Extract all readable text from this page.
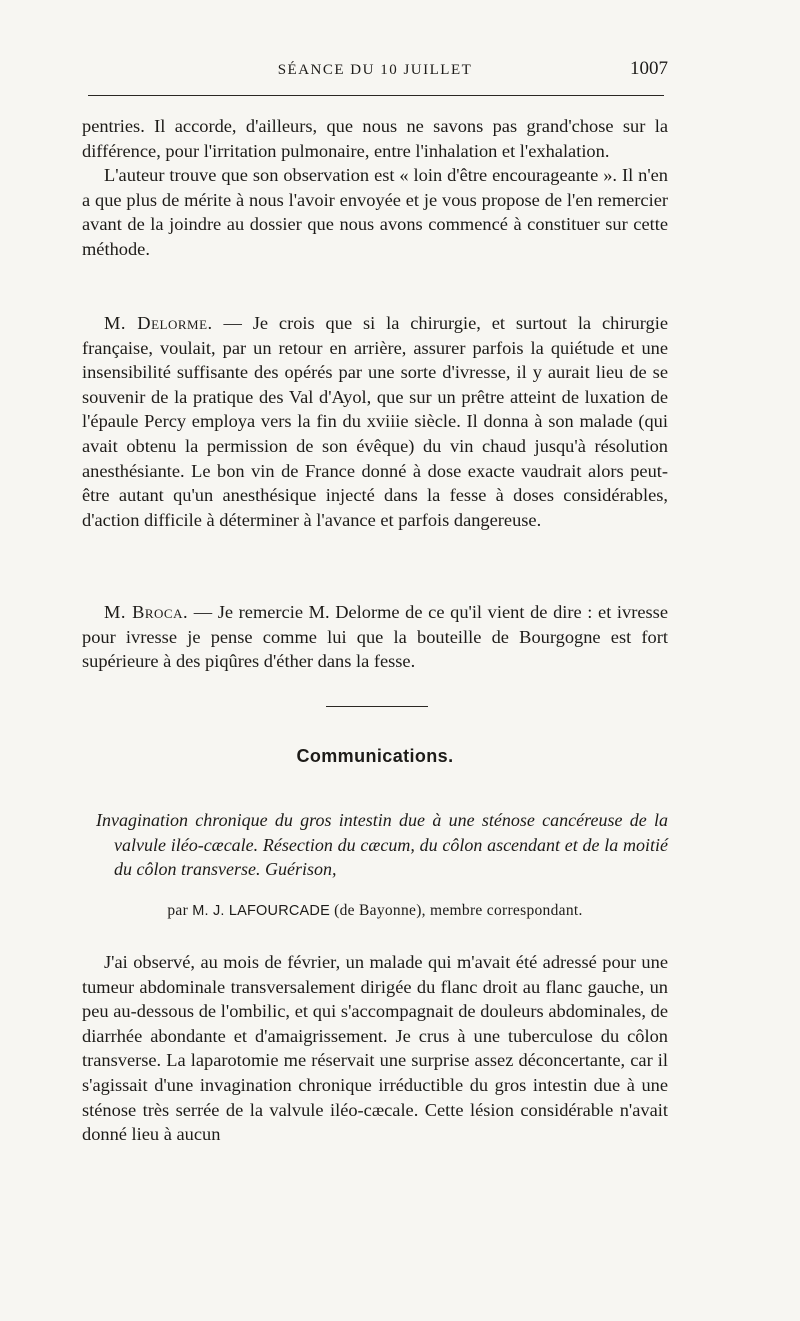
SÉANCE DU 10 JUILLET	1007

pentries. Il accorde, d'ailleurs, que nous ne savons pas grand'chose sur la différence, pour l'irritation pulmonaire, entre l'inhalation et l'exhalation.

L'auteur trouve que son observation est « loin d'être encourageante ». Il n'en a que plus de mérite à nous l'avoir envoyée et je vous propose de l'en remercier avant de la joindre au dossier que nous avons commencé à constituer sur cette méthode.

M. Delorme. — Je crois que si la chirurgie, et surtout la chirurgie française, voulait, par un retour en arrière, assurer parfois la quiétude et une insensibilité suffisante des opérés par une sorte d'ivresse, il y aurait lieu de se souvenir de la pratique des Val d'Ayol, que sur un prêtre atteint de luxation de l'épaule Percy employa vers la fin du xviiie siècle. Il donna à son malade (qui avait obtenu la permission de son évêque) du vin chaud jusqu'à résolution anesthésiante. Le bon vin de France donné à dose exacte vaudrait alors peut-être autant qu'un anesthésique injecté dans la fesse à doses considérables, d'action difficile à déterminer à l'avance et parfois dangereuse.

M. Broca. — Je remercie M. Delorme de ce qu'il vient de dire : et ivresse pour ivresse je pense comme lui que la bouteille de Bourgogne est fort supérieure à des piqûres d'éther dans la fesse.

Communications.
Invagination chronique du gros intestin due à une sténose cancéreuse de la valvule iléo-cæcale. Résection du cæcum, du côlon ascendant et de la moitié du côlon transverse. Guérison,
par M. J. LAFOURCADE (de Bayonne), membre correspondant.

J'ai observé, au mois de février, un malade qui m'avait été adressé pour une tumeur abdominale transversalement dirigée du flanc droit au flanc gauche, un peu au-dessous de l'ombilic, et qui s'accompagnait de douleurs abdominales, de diarrhée abondante et d'amaigrissement. Je crus à une tuberculose du côlon transverse. La laparotomie me réservait une surprise assez déconcertante, car il s'agissait d'une invagination chronique irréductible du gros intestin due à une sténose très serrée de la valvule iléo-cæcale. Cette lésion considérable n'avait donné lieu à aucun
